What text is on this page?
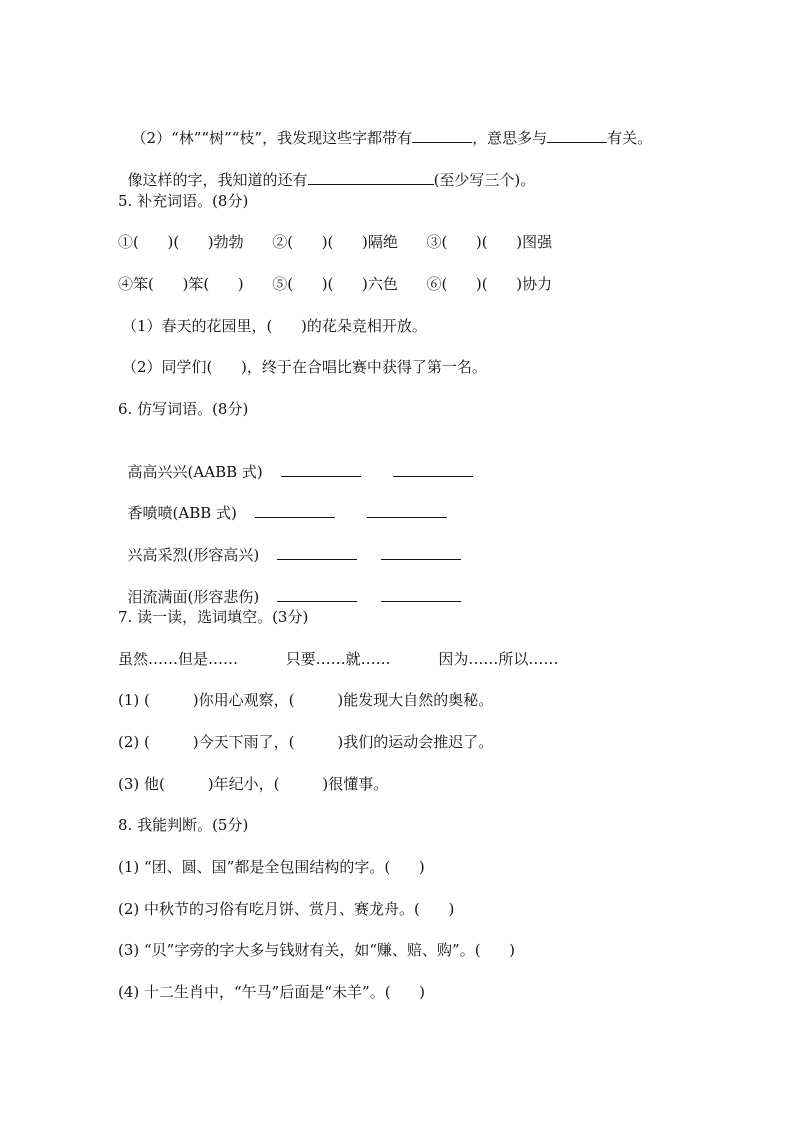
（2）“林”“树”“枝”，我发现这些字都带有	，意思多与	有关。

像这样的字，我知道的还有	(至少写三个)。

5. 补充词语。(8分)
①(      )(      )勃勃      ②(      )(      )隔绝      ③(      )(      )图强
④笨(      )笨(      )      ⑤(      )(      )六色      ⑥(      )(      )协力
（1）春天的花园里，(      )的花朵竞相开放。
（2）同学们(      )，终于在合唱比赛中获得了第一名。
6. 仿写词语。(8分)

高高兴兴(AABB 式)

香喷喷(ABB 式)

兴高采烈(形容高兴)

泪流满面(形容悲伤)

7. 读一读，选词填空。(3分)
虽然……但是……          只要……就……          因为……所以……
(1) (         )你用心观察，(         )能发现大自然的奥秘。
(2) (         )今天下雨了，(         )我们的运动会推迟了。
(3) 他(         )年纪小，(         )很懂事。
8. 我能判断。(5分)
(1) “团、圆、国”都是全包围结构的字。(      )
(2) 中秋节的习俗有吃月饼、赏月、赛龙舟。(      )
(3) “贝”字旁的字大多与钱财有关，如“赚、赔、购”。(      )
(4) 十二生肖中，“午马”后面是“未羊”。(      )
